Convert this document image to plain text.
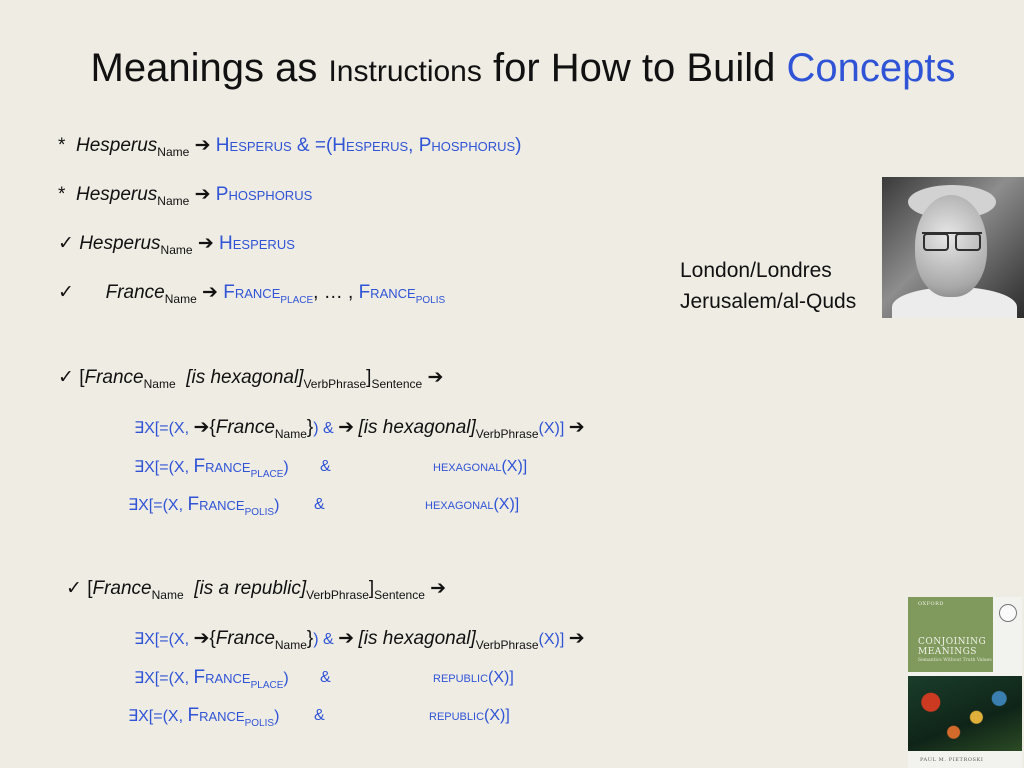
Meanings as Instructions for How to Build Concepts
* Hesperus$_{Name}$ ➔ Hesperus & =(Hesperus, Phosphorus)
* Hesperus$_{Name}$ ➔ Phosphorus
✓ Hesperus$_{Name}$ ➔ Hesperus
✓ France$_{Name}$ ➔ France$_{PLACE}$, … , France$_{POLIS}$
✓ [France$_{Name}$ [is $hexagonal]_{VerbPhrase}]_{Sentence}$ ➔
∃X[=(X, ➔{France$_{Name}$}) & ➔ [is $hexagonal]_{VerbPhrase}(X)$] ➔
∃X[=(X, France$_{PLACE}$) &	hexagonal(X)]
∃X[=(X, France$_{POLIS}$) &	hexagonal(X)]
✓ [France$_{Name}$ [is a $republic]_{VerbPhrase}]_{Sentence}$ ➔
∃X[=(X, ➔{France$_{Name}$}) & ➔ [is $hexagonal]_{VerbPhrase}(X)$] ➔
∃X[=(X, France$_{PLACE}$) &	republic(X)]
∃X[=(X, France$_{POLIS}$) &	republic(X)]
London/Londres
Jerusalem/al-Quds
OXFORD
CONJOINING
MEANINGS
Semantics Without Truth Values
PAUL M. PIETROSKI
